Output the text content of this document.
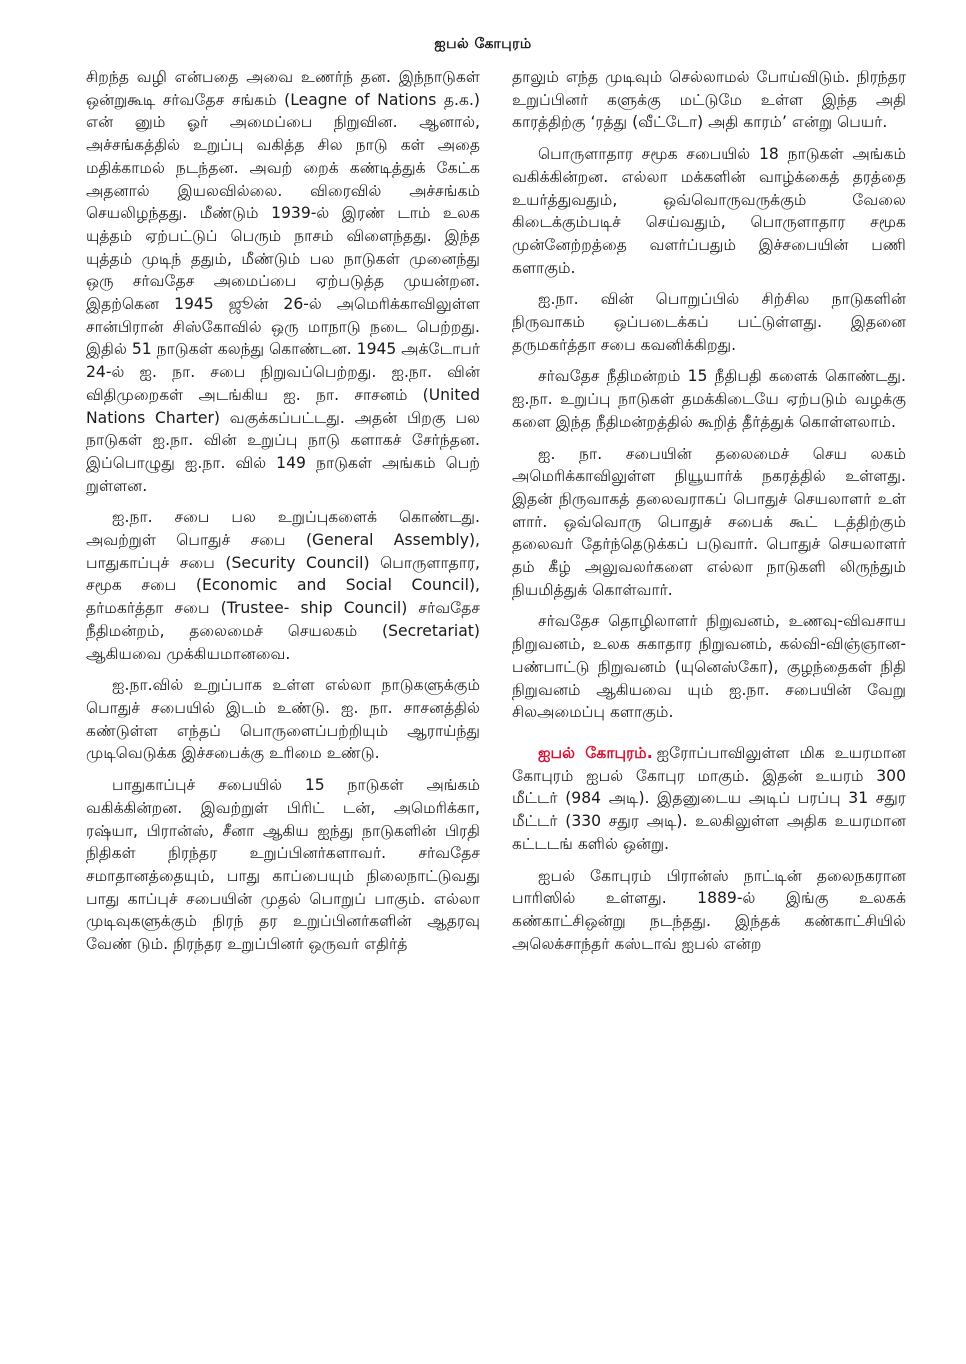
ஐபல் கோபுரம்

சிறந்த வழி என்பதை அவை உணர்ந் தன. இந்நாடுகள் ஒன்றுகூடி சர்வதேச சங்கம் (Leagne of Nations த.க.) என் னும் ஓர் அமைப்பை நிறுவின. ஆனால், அச்சங்கத்தில் உறுப்பு வகித்த சில நாடு கள் அதை மதிக்காமல் நடந்தன. அவற் றைக் கண்டித்துக் கேட்க அதனால் இயலவில்லை. விரைவில் அச்சங்கம் செயலிழந்தது. மீண்டும் 1939-ல் இரண் டாம் உலக யுத்தம் ஏற்பட்டுப் பெரும் நாசம் விளைந்தது. இந்த யுத்தம் முடிந் ததும், மீண்டும் பல நாடுகள் முனைந்து ஒரு சர்வதேச அமைப்பை ஏற்படுத்த முயன்றன. இதற்கென 1945 ஜூன் 26-ல் அமெரிக்காவிலுள்ள சான்பிரான் சிஸ்கோவில் ஒரு மாநாடு நடை பெற்றது. இதில் 51 நாடுகள் கலந்து கொண்டன. 1945 அக்டோபர் 24-ல் ஐ. நா. சபை நிறுவப்பெற்றது. ஐ.நா. வின் விதிமுறைகள் அடங்கிய ஐ. நா. சாசனம் (United Nations Charter) வகுக்கப்பட்டது. அதன் பிறகு பல நாடுகள் ஐ.நா. வின் உறுப்பு நாடு களாகச் சேர்ந்தன. இப்பொழுது ஐ.நா. வில் 149 நாடுகள் அங்கம் பெற் றுள்ளன.

ஐ.நா. சபை பல உறுப்புகளைக் கொண்டது. அவற்றுள் பொதுச் சபை (General Assembly), பாதுகாப்புச் சபை (Security Council) பொருளாதார, சமூக சபை (Economic and Social Council), தர்மகர்த்தா சபை (Trustee- ship Council) சர்வதேச நீதிமன்றம், தலைமைச் செயலகம் (Secretariat) ஆகியவை முக்கியமானவை.

ஐ.நா.வில் உறுப்பாக உள்ள எல்லா நாடுகளுக்கும் பொதுச் சபையில் இடம் உண்டு. ஐ. நா. சாசனத்தில் கண்டுள்ள எந்தப் பொருளைப்பற்றியும் ஆராய்ந்து முடிவெடுக்க இச்சபைக்கு உரிமை உண்டு.

பாதுகாப்புச் சபையில் 15 நாடுகள் அங்கம் வகிக்கின்றன. இவற்றுள் பிரிட் டன், அமெரிக்கா, ரஷ்யா, பிரான்ஸ், சீனா ஆகிய ஐந்து நாடுகளின் பிரதி நிதிகள் நிரந்தர உறுப்பினர்களாவர். சர்வதேச சமாதானத்தையும், பாது காப்பையும் நிலைநாட்டுவது பாது காப்புச் சபையின் முதல் பொறுப் பாகும். எல்லா முடிவுகளுக்கும் நிரந் தர உறுப்பினர்களின் ஆதரவு வேண் டும். நிரந்தர உறுப்பினர் ஒருவர் எதிர்த்

தாலும் எந்த முடிவும் செல்லாமல் போய்விடும். நிரந்தர உறுப்பினர் களுக்கு மட்டுமே உள்ள இந்த அதி காரத்திற்கு ‘ரத்து (வீட்டோ) அதி காரம்’ என்று பெயர்.

பொருளாதார சமூக சபையில் 18 நாடுகள் அங்கம் வகிக்கின்றன. எல்லா மக்களின் வாழ்க்கைத் தரத்தை உயர்த்துவதும், ஒவ்வொருவருக்கும் வேலை கிடைக்கும்படிச் செய்வதும், பொருளாதார சமூக முன்னேற்றத்தை வளர்ப்பதும் இச்சபையின் பணி களாகும்.

ஐ.நா. வின் பொறுப்பில் சிற்சில நாடுகளின் நிருவாகம் ஒப்படைக்கப் பட்டுள்ளது. இதனை தருமகர்த்தா சபை கவனிக்கிறது.

சர்வதேச நீதிமன்றம் 15 நீதிபதி களைக் கொண்டது. ஐ.நா. உறுப்பு நாடுகள் தமக்கிடையே ஏற்படும் வழக்கு களை இந்த நீதிமன்றத்தில் கூறித் தீர்த்துக் கொள்ளலாம்.

ஐ. நா. சபையின் தலைமைச் செய லகம் அமெரிக்காவிலுள்ள நியூயார்க் நகரத்தில் உள்ளது. இதன் நிருவாகத் தலைவராகப் பொதுச் செயலாளர் உள் ளார். ஒவ்வொரு பொதுச் சபைக் கூட் டத்திற்கும் தலைவர் தேர்ந்தெடுக்கப் படுவார். பொதுச் செயலாளர் தம் கீழ் அலுவலர்களை எல்லா நாடுகளி லிருந்தும் நியமித்துக் கொள்வார்.

சர்வதேச தொழிலாளர் நிறுவனம், உணவு-விவசாய நிறுவனம், உலக சுகாதார நிறுவனம், கல்வி-விஞ்ஞான- பண்பாட்டு நிறுவனம் (யுனெஸ்கோ), குழந்தைகள் நிதி நிறுவனம் ஆகியவை யும் ஐ.நா. சபையின் வேறு சிலஅமைப்பு களாகும்.

ஐபல் கோபுரம். ஐரோப்பாவிலுள்ள மிக உயரமான கோபுரம் ஐபல் கோபுர மாகும். இதன் உயரம் 300 மீட்டர் (984 அடி). இதனுடைய அடிப் பரப்பு 31 சதுர மீட்டர் (330 சதுர அடி). உலகிலுள்ள அதிக உயரமான கட்டடங் களில் ஒன்று.

ஐபல் கோபுரம் பிரான்ஸ் நாட்டின் தலைநகரான பாரிஸில் உள்ளது. 1889-ல் இங்கு உலகக் கண்காட்சிஒன்று நடந்தது. இந்தக் கண்காட்சியில் அலெக்சாந்தர் கஸ்டாவ் ஐபல் என்ற
